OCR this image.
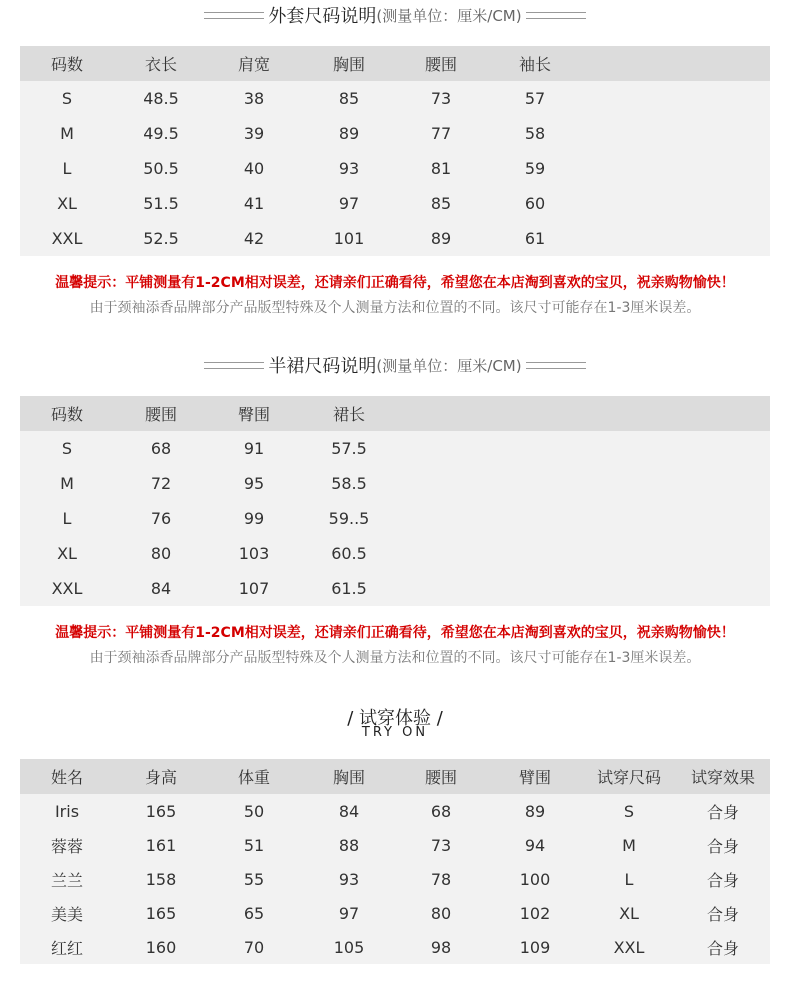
外套尺码说明 (测量单位：厘米/CM)
码数	衣长	肩宽	胸围	腰围	袖长
S	48.5	38	85	73	57
M	49.5	39	89	77	58
L	50.5	40	93	81	59
XL	51.5	41	97	85	60
XXL	52.5	42	101	89	61
温馨提示：平铺测量有1-2CM相对误差，还请亲们正确看待，希望您在本店淘到喜欢的宝贝，祝亲购物愉快！
由于颈袖添香品牌部分产品版型特殊及个人测量方法和位置的不同。该尺寸可能存在1-3厘米误差。
半裙尺码说明 (测量单位：厘米/CM)
码数	腰围	臀围	裙长
S	68	91	57.5
M	72	95	58.5
L	76	99	59..5
XL	80	103	60.5
XXL	84	107	61.5
温馨提示：平铺测量有1-2CM相对误差，还请亲们正确看待，希望您在本店淘到喜欢的宝贝，祝亲购物愉快！
由于颈袖添香品牌部分产品版型特殊及个人测量方法和位置的不同。该尺寸可能存在1-3厘米误差。
/ 试穿体验 /
TRY ON
姓名	身高	体重	胸围	腰围	臂围	试穿尺码	试穿效果
Iris	165	50	84	68	89	S	合身
蓉蓉	161	51	88	73	94	M	合身
兰兰	158	55	93	78	100	L	合身
美美	165	65	97	80	102	XL	合身
红红	160	70	105	98	109	XXL	合身
